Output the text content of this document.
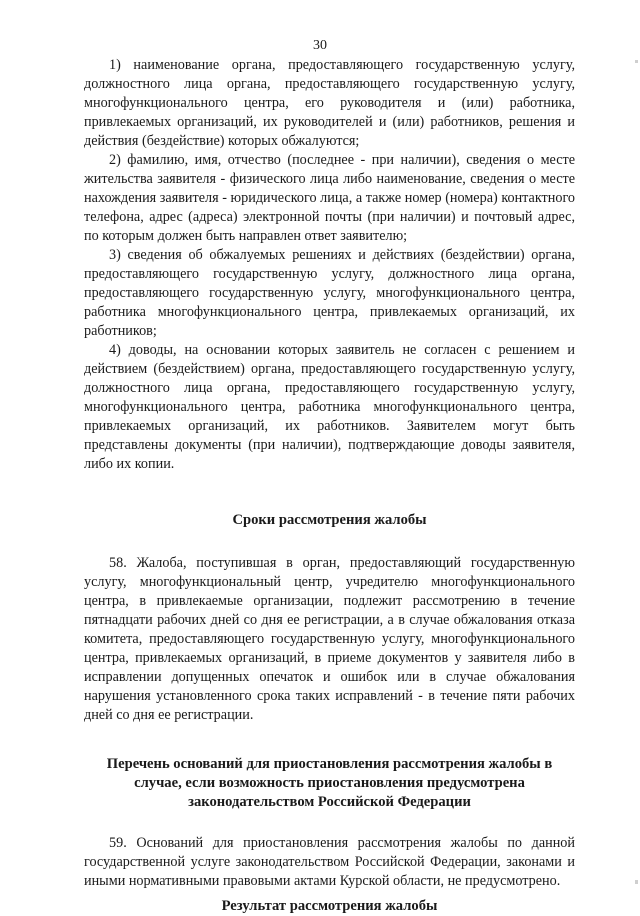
30

1) наименование органа, предоставляющего государственную услугу, должностного лица органа, предоставляющего государственную услугу, многофункционального центра, его руководителя и (или) работника, привлекаемых организаций, их руководителей и (или) работников, решения и действия (бездействие) которых обжалуются;

2) фамилию, имя, отчество (последнее - при наличии), сведения о месте жительства заявителя - физического лица либо наименование, сведения о месте нахождения заявителя - юридического лица, а также номер (номера) контактного телефона, адрес (адреса) электронной почты (при наличии) и почтовый адрес, по которым должен быть направлен ответ заявителю;

3) сведения об обжалуемых решениях и действиях (бездействии) органа, предоставляющего государственную услугу, должностного лица органа, предоставляющего государственную услугу, многофункционального центра, работника многофункционального центра, привлекаемых организаций, их работников;

4) доводы, на основании которых заявитель не согласен с решением и действием (бездействием) органа, предоставляющего государственную услугу, должностного лица органа, предоставляющего государственную услугу, многофункционального центра, работника многофункционального центра, привлекаемых организаций, их работников. Заявителем могут быть представлены документы (при наличии), подтверждающие доводы заявителя, либо их копии.

Сроки рассмотрения жалобы

58. Жалоба, поступившая в орган, предоставляющий государственную услугу, многофункциональный центр, учредителю многофункционального центра, в привлекаемые организации, подлежит рассмотрению в течение пятнадцати рабочих дней со дня ее регистрации, а в случае обжалования отказа комитета, предоставляющего государственную услугу, многофункционального центра, привлекаемых организаций, в приеме документов у заявителя либо в исправлении допущенных опечаток и ошибок или в случае обжалования нарушения установленного срока таких исправлений - в течение пяти рабочих дней со дня ее регистрации.

Перечень оснований для приостановления рассмотрения жалобы в случае, если возможность приостановления предусмотрена законодательством Российской Федерации

59. Оснований для приостановления рассмотрения жалобы по данной государственной услуге законодательством Российской Федерации, законами и иными нормативными правовыми актами Курской области, не предусмотрено.

Результат рассмотрения жалобы
